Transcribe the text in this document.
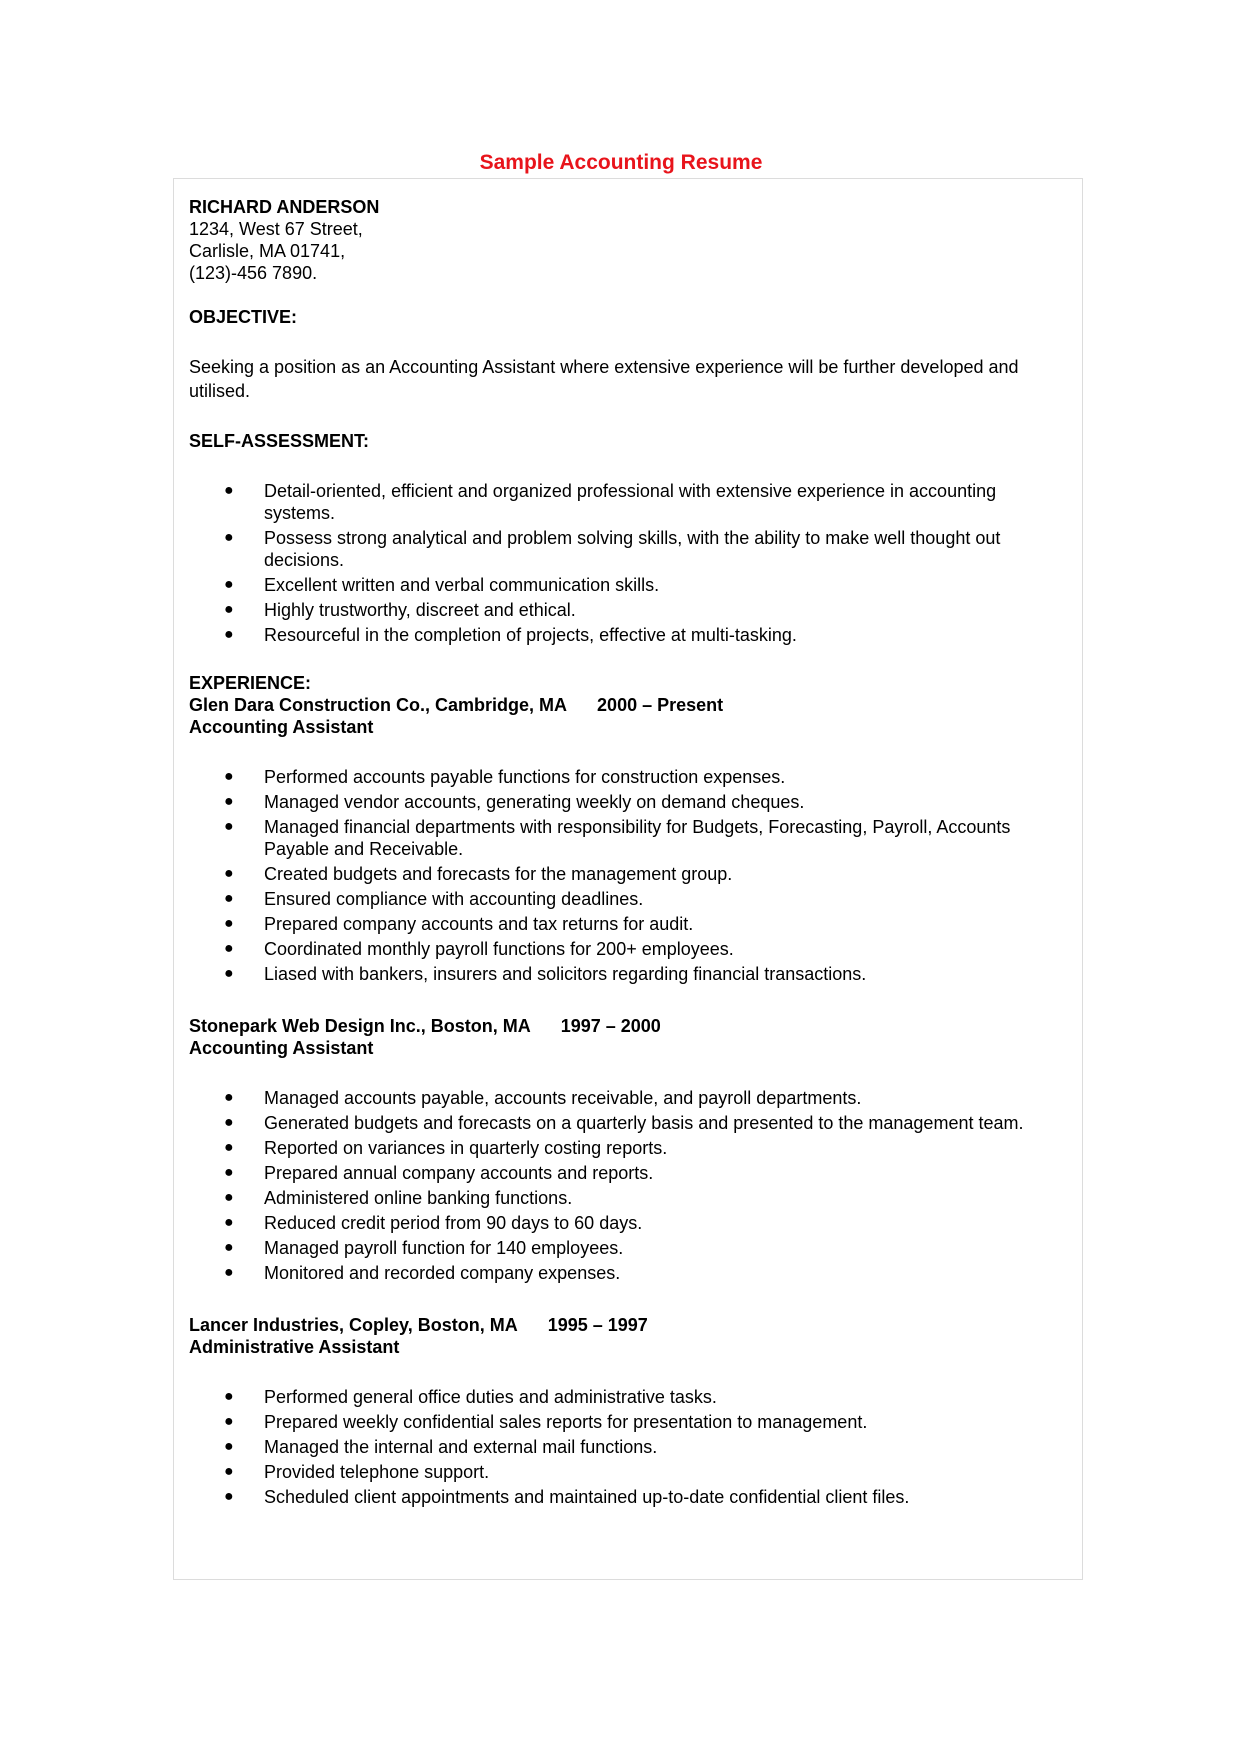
Sample Accounting Resume

RICHARD ANDERSON

1234, West 67 Street,

Carlisle, MA 01741,

(123)-456 7890.

OBJECTIVE:

Seeking a position as an Accounting Assistant where extensive experience will be further developed and utilised.

SELF-ASSESSMENT:

● Detail-oriented, efficient and organized professional with extensive experience in accounting systems.
● Possess strong analytical and problem solving skills, with the ability to make well thought out decisions.
● Excellent written and verbal communication skills.
● Highly trustworthy, discreet and ethical.
● Resourceful in the completion of projects, effective at multi-tasking.

EXPERIENCE:

Glen Dara Construction Co., Cambridge, MA 2000 – Present

Accounting Assistant

● Performed accounts payable functions for construction expenses.
● Managed vendor accounts, generating weekly on demand cheques.
● Managed financial departments with responsibility for Budgets, Forecasting, Payroll, Accounts Payable and Receivable.
● Created budgets and forecasts for the management group.
● Ensured compliance with accounting deadlines.
● Prepared company accounts and tax returns for audit.
● Coordinated monthly payroll functions for 200+ employees.
● Liased with bankers, insurers and solicitors regarding financial transactions.

Stonepark Web Design Inc., Boston, MA 1997 – 2000

Accounting Assistant

● Managed accounts payable, accounts receivable, and payroll departments.
● Generated budgets and forecasts on a quarterly basis and presented to the management team.
● Reported on variances in quarterly costing reports.
● Prepared annual company accounts and reports.
● Administered online banking functions.
● Reduced credit period from 90 days to 60 days.
● Managed payroll function for 140 employees.
● Monitored and recorded company expenses.

Lancer Industries, Copley, Boston, MA 1995 – 1997

Administrative Assistant

● Performed general office duties and administrative tasks.
● Prepared weekly confidential sales reports for presentation to management.
● Managed the internal and external mail functions.
● Provided telephone support.
● Scheduled client appointments and maintained up-to-date confidential client files.
